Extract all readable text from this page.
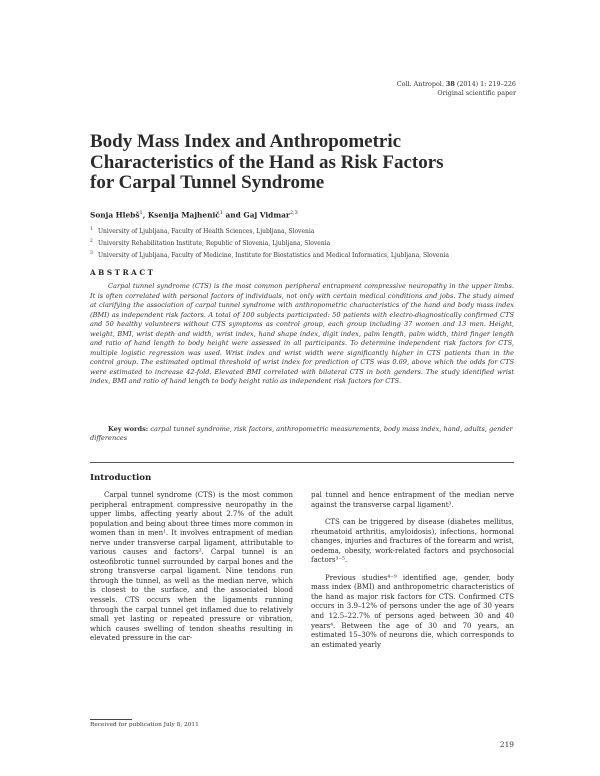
Coll. Antropol. 38 (2014) 1: 219–226
Original scientific paper
Body Mass Index and Anthropometric
Characteristics of the Hand as Risk Factors
for Carpal Tunnel Syndrome
Sonja Hlebš$^1$, Ksenija Majhenič$^1$ and Gaj Vidmar$^{2,3}$
$^1$ University of Ljubljana, Faculty of Health Sciences, Ljubljana, Slovenia
$^2$ University Rehabilitation Institute, Republic of Slovenia, Ljubljana, Slovenia
$^3$ University of Ljubljana, Faculty of Medicine, Institute for Biostatistics and Medical Informatics, Ljubljana, Slovenia
ABSTRACT
Carpal tunnel syndrome (CTS) is the most common peripheral entrapment compressive neuropathy in the upper limbs. It is often correlated with personal factors of individuals, not only with certain medical conditions and jobs. The study aimed at clarifying the association of carpal tunnel syndrome with anthropometric characteristics of the hand and body mass index (BMI) as independent risk factors. A total of 100 subjects participated: 50 patients with electro-diagnostically confirmed CTS and 50 healthy volunteers without CTS symptoms as control group, each group including 37 women and 13 men. Height, weight, BMI, wrist depth and width, wrist index, hand shape index, digit index, palm length, palm width, third finger length and ratio of hand length to body height were assessed in all participants. To determine independent risk factors for CTS, multiple logistic regression was used. Wrist index and wrist width were significantly higher in CTS patients than in the control group. The estimated optimal threshold of wrist index for prediction of CTS was 0.69, above which the odds for CTS were estimated to increase 42-fold. Elevated BMI correlated with bilateral CTS in both genders. The study identified wrist index, BMI and ratio of hand length to body height ratio as independent risk factors for CTS.
Key words: carpal tunnel syndrome, risk factors, anthropometric measurements, body mass index, hand, adults, gender differences
Introduction

Carpal tunnel syndrome (CTS) is the most common peripheral entrapment compressive neuropathy in the upper limbs, affecting yearly about 2.7% of the adult population and being about three times more common in women than in men¹. It involves entrapment of median nerve under transverse carpal ligament, attributable to various causes and factors². Carpal tunnel is an osteofibrotic tunnel surrounded by carpal bones and the strong transverse carpal ligament. Nine tendons run through the tunnel, as well as the median nerve, which is closest to the surface, and the associated blood vessels. CTS occurs when the ligaments running through the carpal tunnel get inflamed due to relatively small yet lasting or repeated pressure or vibration, which causes swelling of tendon sheaths resulting in elevated pressure in the car-

pal tunnel and hence entrapment of the median nerve against the transverse carpal ligament³.

CTS can be triggered by disease (diabetes mellitus, rheumatoid arthritis, amyloidosis), infections, hormonal changes, injuries and fractures of the forearm and wrist, oedema, obesity, work-related factors and psychosocial factors³⁻⁵.

Previous studies⁴⁻⁹ identified age, gender, body mass index (BMI) and anthropometric characteristics of the hand as major risk factors for CTS. Confirmed CTS occurs in 3.9–12% of persons under the age of 30 years and 12.5–22.7% of persons aged between 30 and 40 years⁴. Between the age of 30 and 70 years, an estimated 15–30% of neurons die, which corresponds to an estimated yearly

Received for publication July 8, 2011
219
